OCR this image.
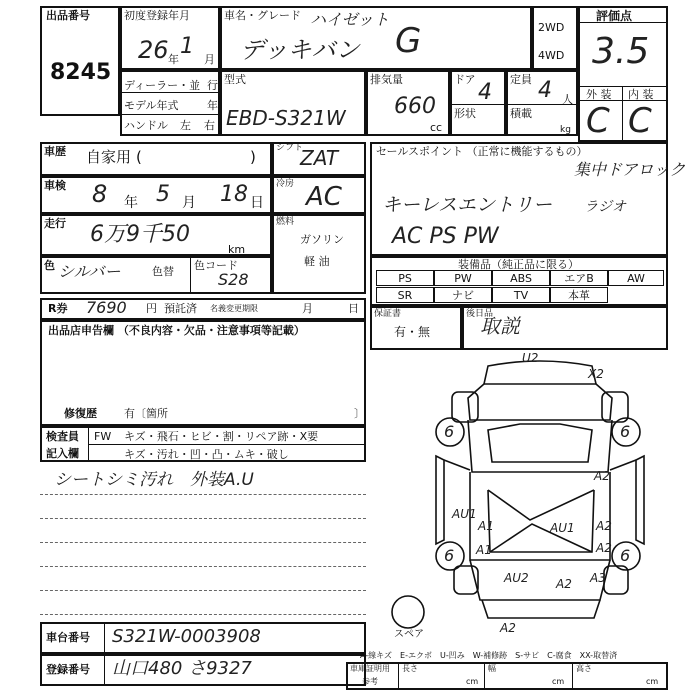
出品番号
8245
初度登録年月
26 年
1
月
車名・グレード ハイゼット
デッキバン G	2WD
4WD
評価点
3.5
外 装 内 装
C C
ディーラー・並 行
モデル年式	年
ハンドル 左 右
型式
EBD-S321W
排気量
660
cc
ドア
4
形状
定員 4 人
積載
kg
車歴 自家用 (	) シフト
ZAT
車検 8 年 5 月 18 日
冷房 AC
走行 6万9千50
km
燃料
ガソリン
軽 油
色 シルバー	色替 色コード
S28
セールスポイント （正常に機能するもの）
集中ドアロック
キーレスエントリー ラジオ
AC PS PW
装備品（純正品に限る）
PS	PW	ABS	エアB	AW
SR	ナビ	TV	本革
R券 7690 円 預託済 名義変更期限	月	日
出品店申告欄 （不良内容・欠品・注意事項等記載）
修復歴 有〔箇所	〕
保証書
有・無
後日品
取説
検査員
記入欄
FW キズ・飛石・ヒビ・割・リペア跡・X要
キズ・汚れ・凹・凸・ムキ・破し
シートシミ汚れ　外装A.U
車台番号 S321W-0003908
登録番号 山口480 さ9327
6	6
6	6
A2
A2
A2
A3
A2
A2
A1
A1
AU1
AU1
AU2
U2
X2
スペア
A-線キズ　E-エクボ　U-凹み　W-補修跡　S-サビ　C-腐食　XX-取替済
車庫証明用
参考
長さ
cm
幅
cm
高さ
cm
